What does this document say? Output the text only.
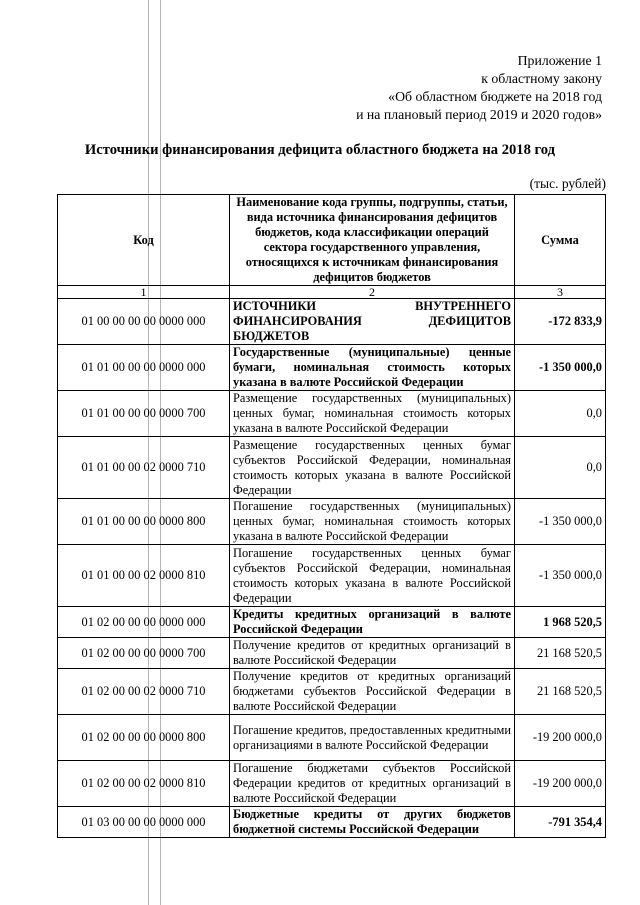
Приложение 1
к областному закону
«Об областном бюджете на 2018 год
и на плановый период 2019 и 2020 годов»
Источники финансирования дефицита областного бюджета на 2018 год
(тыс. рублей)
Код	Наименование кода группы, подгруппы, статьи, вида источника финансирования дефицитов бюджетов, кода классификации операций сектора государственного управления, относящихся к источникам финансирования дефицитов бюджетов	Сумма
1	2	3
01 00 00 00 00 0000 000	ИСТОЧНИКИ ВНУТРЕННЕГО ФИНАНСИРОВАНИЯ ДЕФИЦИТОВ БЮДЖЕТОВ	-172 833,9
01 01 00 00 00 0000 000	Государственные (муниципальные) ценные бумаги, номинальная стоимость которых указана в валюте Российской Федерации	-1 350 000,0
01 01 00 00 00 0000 700	Размещение государственных (муниципальных) ценных бумаг, номинальная стоимость которых указана в валюте Российской Федерации	0,0
01 01 00 00 02 0000 710	Размещение государственных ценных бумаг субъектов Российской Федерации, номинальная стоимость которых указана в валюте Российской Федерации	0,0
01 01 00 00 00 0000 800	Погашение государственных (муниципальных) ценных бумаг, номинальная стоимость которых указана в валюте Российской Федерации	-1 350 000,0
01 01 00 00 02 0000 810	Погашение государственных ценных бумаг субъектов Российской Федерации, номинальная стоимость которых указана в валюте Российской Федерации	-1 350 000,0
01 02 00 00 00 0000 000	Кредиты кредитных организаций в валюте Российской Федерации	1 968 520,5
01 02 00 00 00 0000 700	Получение кредитов от кредитных организаций в валюте Российской Федерации	21 168 520,5
01 02 00 00 02 0000 710	Получение кредитов от кредитных организаций бюджетами субъектов Российской Федерации в валюте Российской Федерации	21 168 520,5
01 02 00 00 00 0000 800	Погашение кредитов, предоставленных кредитными организациями в валюте Российской Федерации	-19 200 000,0
01 02 00 00 02 0000 810	Погашение бюджетами субъектов Российской Федерации кредитов от кредитных организаций в валюте Российской Федерации	-19 200 000,0
01 03 00 00 00 0000 000	Бюджетные кредиты от других бюджетов бюджетной системы Российской Федерации	-791 354,4
